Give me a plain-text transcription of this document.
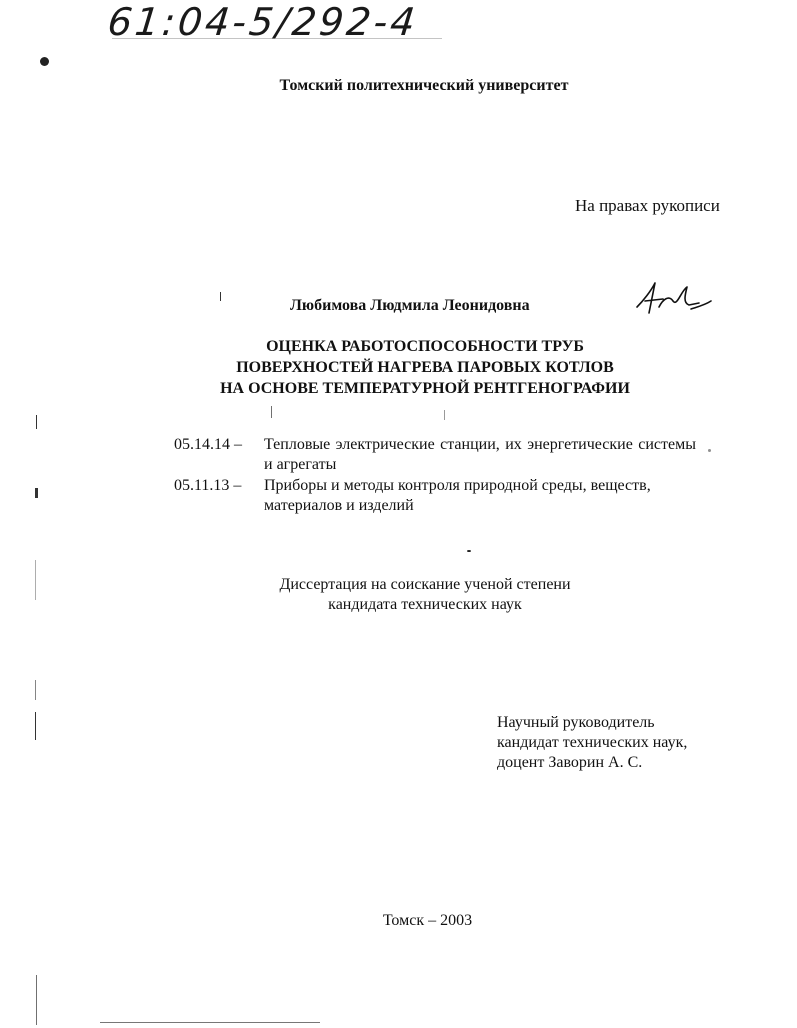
61:04-5/292-4
Томский политехнический университет
На правах рукописи
Любимова Людмила Леонидовна
ОЦЕНКА РАБОТОСПОСОБНОСТИ ТРУБ
ПОВЕРХНОСТЕЙ НАГРЕВА ПАРОВЫХ КОТЛОВ
НА ОСНОВЕ ТЕМПЕРАТУРНОЙ РЕНТГЕНОГРАФИИ
05.14.14 – Тепловые электрические станции, их энергетические системы и агрегаты
05.11.13 – Приборы и методы контроля природной среды, веществ, материалов и изделий
Диссертация на соискание ученой степени
кандидата технических наук
Научный руководитель
кандидат технических наук,
доцент Заворин А. С.
Томск – 2003
